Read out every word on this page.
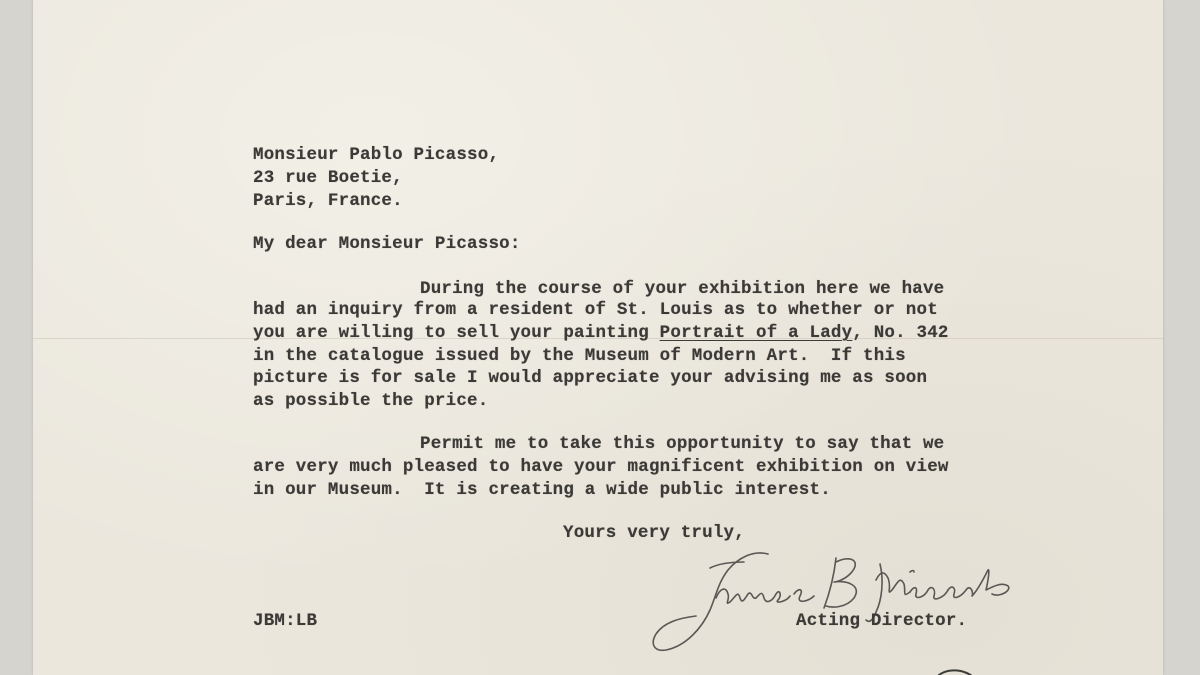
Monsieur Pablo Picasso,
23 rue Boetie,
Paris, France.
My dear Monsieur Picasso:
During the course of your exhibition here we have
had an inquiry from a resident of St. Louis as to whether or not
you are willing to sell your painting Portrait of a Lady, No. 342
in the catalogue issued by the Museum of Modern Art.  If this
picture is for sale I would appreciate your advising me as soon
as possible the price.
Permit me to take this opportunity to say that we
are very much pleased to have your magnificent exhibition on view
in our Museum.  It is creating a wide public interest.
Yours very truly,
JBM:LB	Acting Director.
